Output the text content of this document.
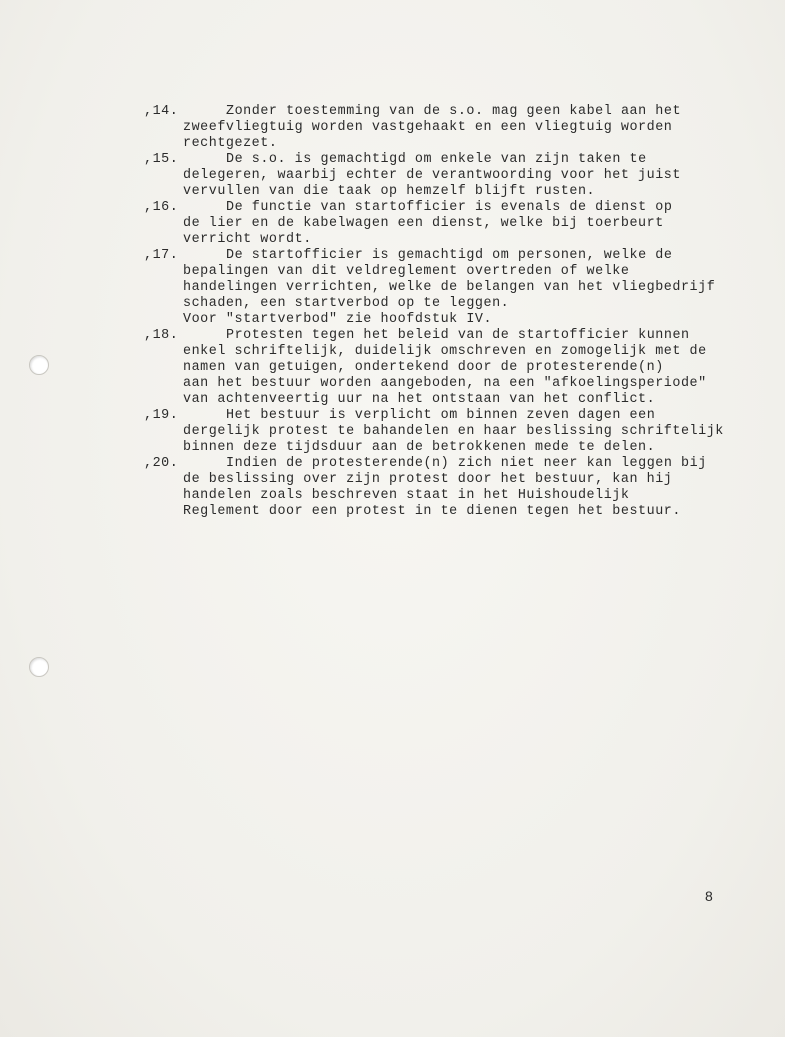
,14.	Zonder toestemming van de s.o. mag geen kabel aan het
zweefvliegtuig worden vastgehaakt en een vliegtuig worden
rechtgezet.
,15.	De s.o. is gemachtigd om enkele van zijn taken te
delegeren, waarbij echter de verantwoording voor het juist
vervullen van die taak op hemzelf blijft rusten.
,16.	De functie van startofficier is evenals de dienst op
de lier en de kabelwagen een dienst, welke bij toerbeurt
verricht wordt.
,17.	De startofficier is gemachtigd om personen, welke de
bepalingen van dit veldreglement overtreden of welke
handelingen verrichten, welke de belangen van het vliegbedrijf
schaden, een startverbod op te leggen.
Voor "startverbod" zie hoofdstuk IV.
,18.	Protesten tegen het beleid van de startofficier kunnen
enkel schriftelijk, duidelijk omschreven en zomogelijk met de
namen van getuigen, ondertekend door de protesterende(n)
aan het bestuur worden aangeboden, na een "afkoelingsperiode"
van achtenveertig uur na het ontstaan van het conflict.
,19.	Het bestuur is verplicht om binnen zeven dagen een
dergelijk protest te bahandelen en haar beslissing schriftelijk
binnen deze tijdsduur aan de betrokkenen mede te delen.
,20.	Indien de protesterende(n) zich niet neer kan leggen bij
de beslissing over zijn protest door het bestuur, kan hij
handelen zoals beschreven staat in het Huishoudelijk
Reglement door een protest in te dienen tegen het bestuur.
8
